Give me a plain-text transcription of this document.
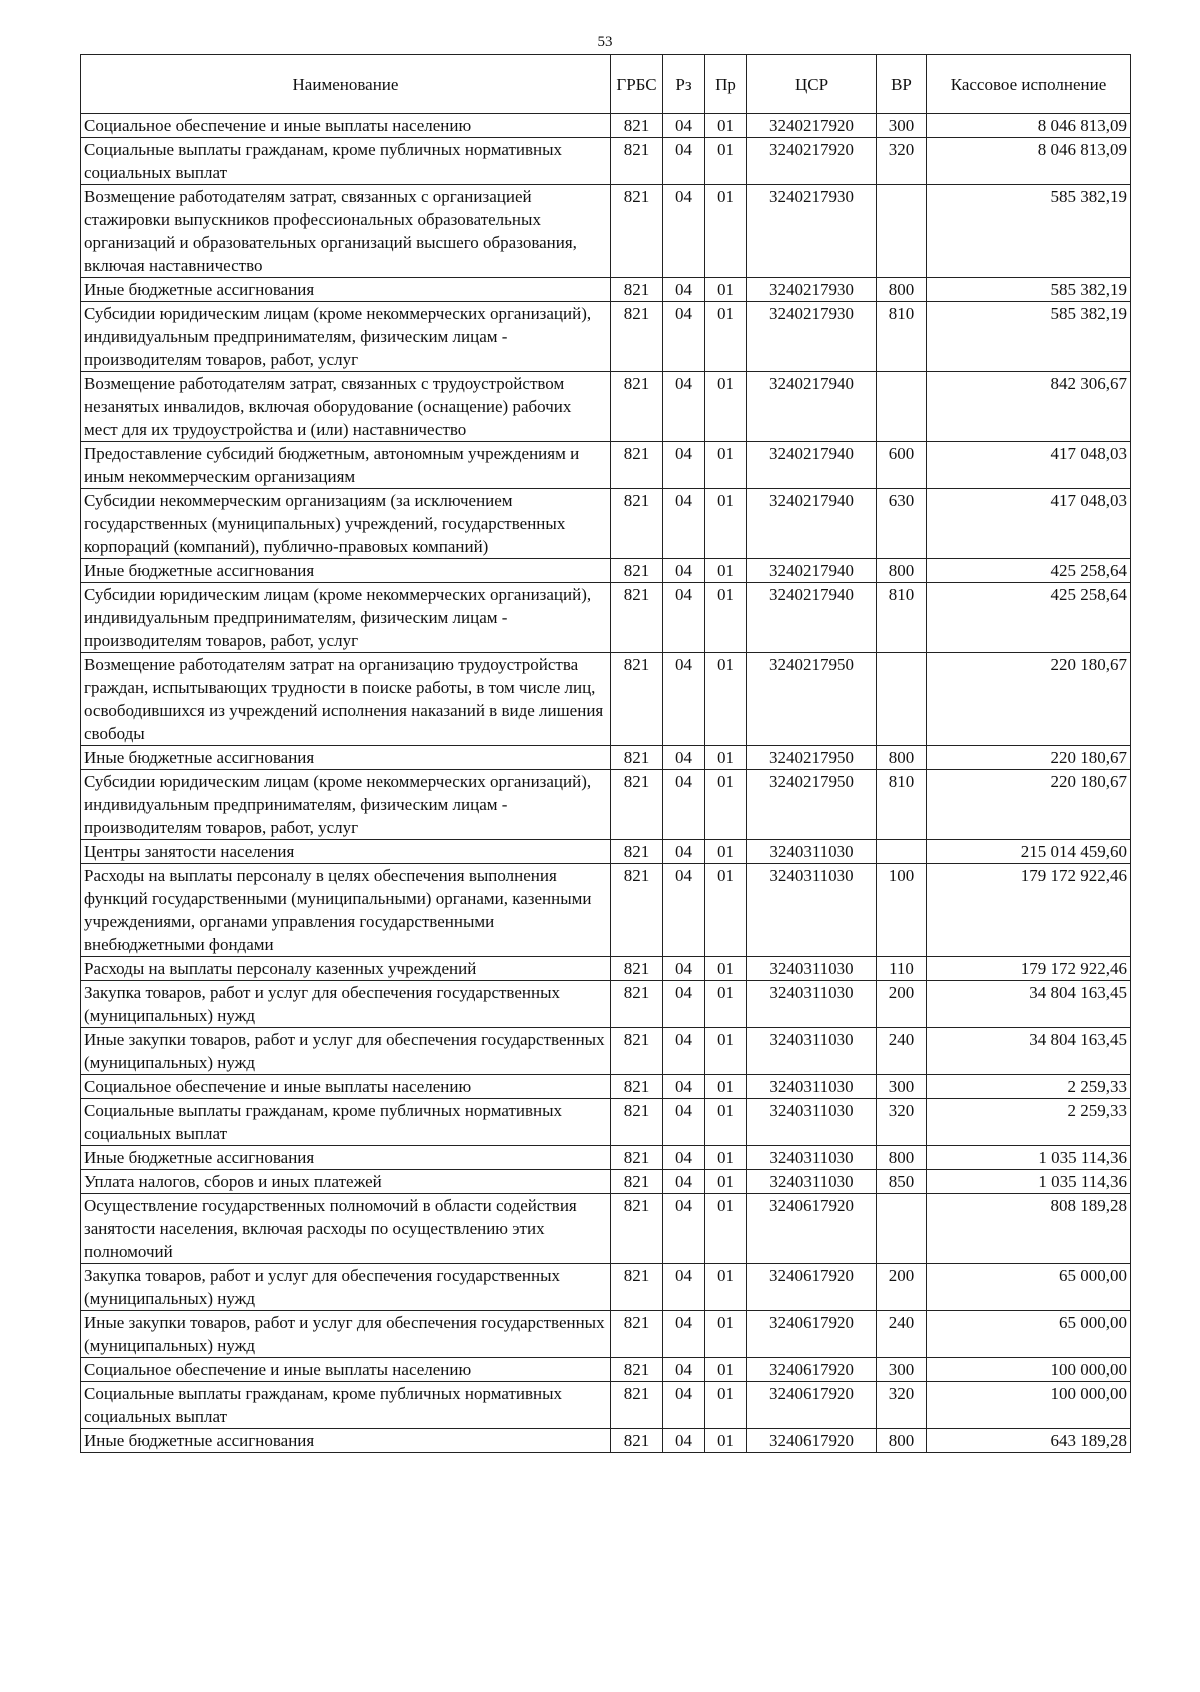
53
Наименование	ГРБС	Рз	Пр	ЦСР	ВР	Кассовое исполнение
Социальное обеспечение и иные выплаты населению	821	04	01	3240217920	300	8 046 813,09
Социальные выплаты гражданам, кроме публичных нормативных социальных выплат	821	04	01	3240217920	320	8 046 813,09
Возмещение работодателям затрат, связанных с организацией стажировки выпускников профессиональных образовательных организаций и образовательных организаций высшего образования, включая наставничество	821	04	01	3240217930		585 382,19
Иные бюджетные ассигнования	821	04	01	3240217930	800	585 382,19
Субсидии юридическим лицам (кроме некоммерческих организаций), индивидуальным предпринимателям, физическим лицам - производителям товаров, работ, услуг	821	04	01	3240217930	810	585 382,19
Возмещение работодателям затрат, связанных с трудоустройством незанятых инвалидов, включая оборудование (оснащение) рабочих мест для их трудоустройства и (или) наставничество	821	04	01	3240217940		842 306,67
Предоставление субсидий бюджетным, автономным учреждениям и иным некоммерческим организациям	821	04	01	3240217940	600	417 048,03
Субсидии некоммерческим организациям (за исключением государственных (муниципальных) учреждений, государственных корпораций (компаний), публично-правовых компаний)	821	04	01	3240217940	630	417 048,03
Иные бюджетные ассигнования	821	04	01	3240217940	800	425 258,64
Субсидии юридическим лицам (кроме некоммерческих организаций), индивидуальным предпринимателям, физическим лицам - производителям товаров, работ, услуг	821	04	01	3240217940	810	425 258,64
Возмещение работодателям затрат на организацию трудоустройства граждан, испытывающих трудности в поиске работы, в том числе лиц, освободившихся из учреждений исполнения наказаний в виде лишения свободы	821	04	01	3240217950		220 180,67
Иные бюджетные ассигнования	821	04	01	3240217950	800	220 180,67
Субсидии юридическим лицам (кроме некоммерческих организаций), индивидуальным предпринимателям, физическим лицам - производителям товаров, работ, услуг	821	04	01	3240217950	810	220 180,67
Центры занятости населения	821	04	01	3240311030		215 014 459,60
Расходы на выплаты персоналу в целях обеспечения выполнения функций государственными (муниципальными) органами, казенными учреждениями, органами управления государственными внебюджетными фондами	821	04	01	3240311030	100	179 172 922,46
Расходы на выплаты персоналу казенных учреждений	821	04	01	3240311030	110	179 172 922,46
Закупка товаров, работ и услуг для обеспечения государственных (муниципальных) нужд	821	04	01	3240311030	200	34 804 163,45
Иные закупки товаров, работ и услуг для обеспечения государственных (муниципальных) нужд	821	04	01	3240311030	240	34 804 163,45
Социальное обеспечение и иные выплаты населению	821	04	01	3240311030	300	2 259,33
Социальные выплаты гражданам, кроме публичных нормативных социальных выплат	821	04	01	3240311030	320	2 259,33
Иные бюджетные ассигнования	821	04	01	3240311030	800	1 035 114,36
Уплата налогов, сборов и иных платежей	821	04	01	3240311030	850	1 035 114,36
Осуществление государственных полномочий в области содействия занятости населения, включая расходы по осуществлению этих полномочий	821	04	01	3240617920		808 189,28
Закупка товаров, работ и услуг для обеспечения государственных (муниципальных) нужд	821	04	01	3240617920	200	65 000,00
Иные закупки товаров, работ и услуг для обеспечения государственных (муниципальных) нужд	821	04	01	3240617920	240	65 000,00
Социальное обеспечение и иные выплаты населению	821	04	01	3240617920	300	100 000,00
Социальные выплаты гражданам, кроме публичных нормативных социальных выплат	821	04	01	3240617920	320	100 000,00
Иные бюджетные ассигнования	821	04	01	3240617920	800	643 189,28
